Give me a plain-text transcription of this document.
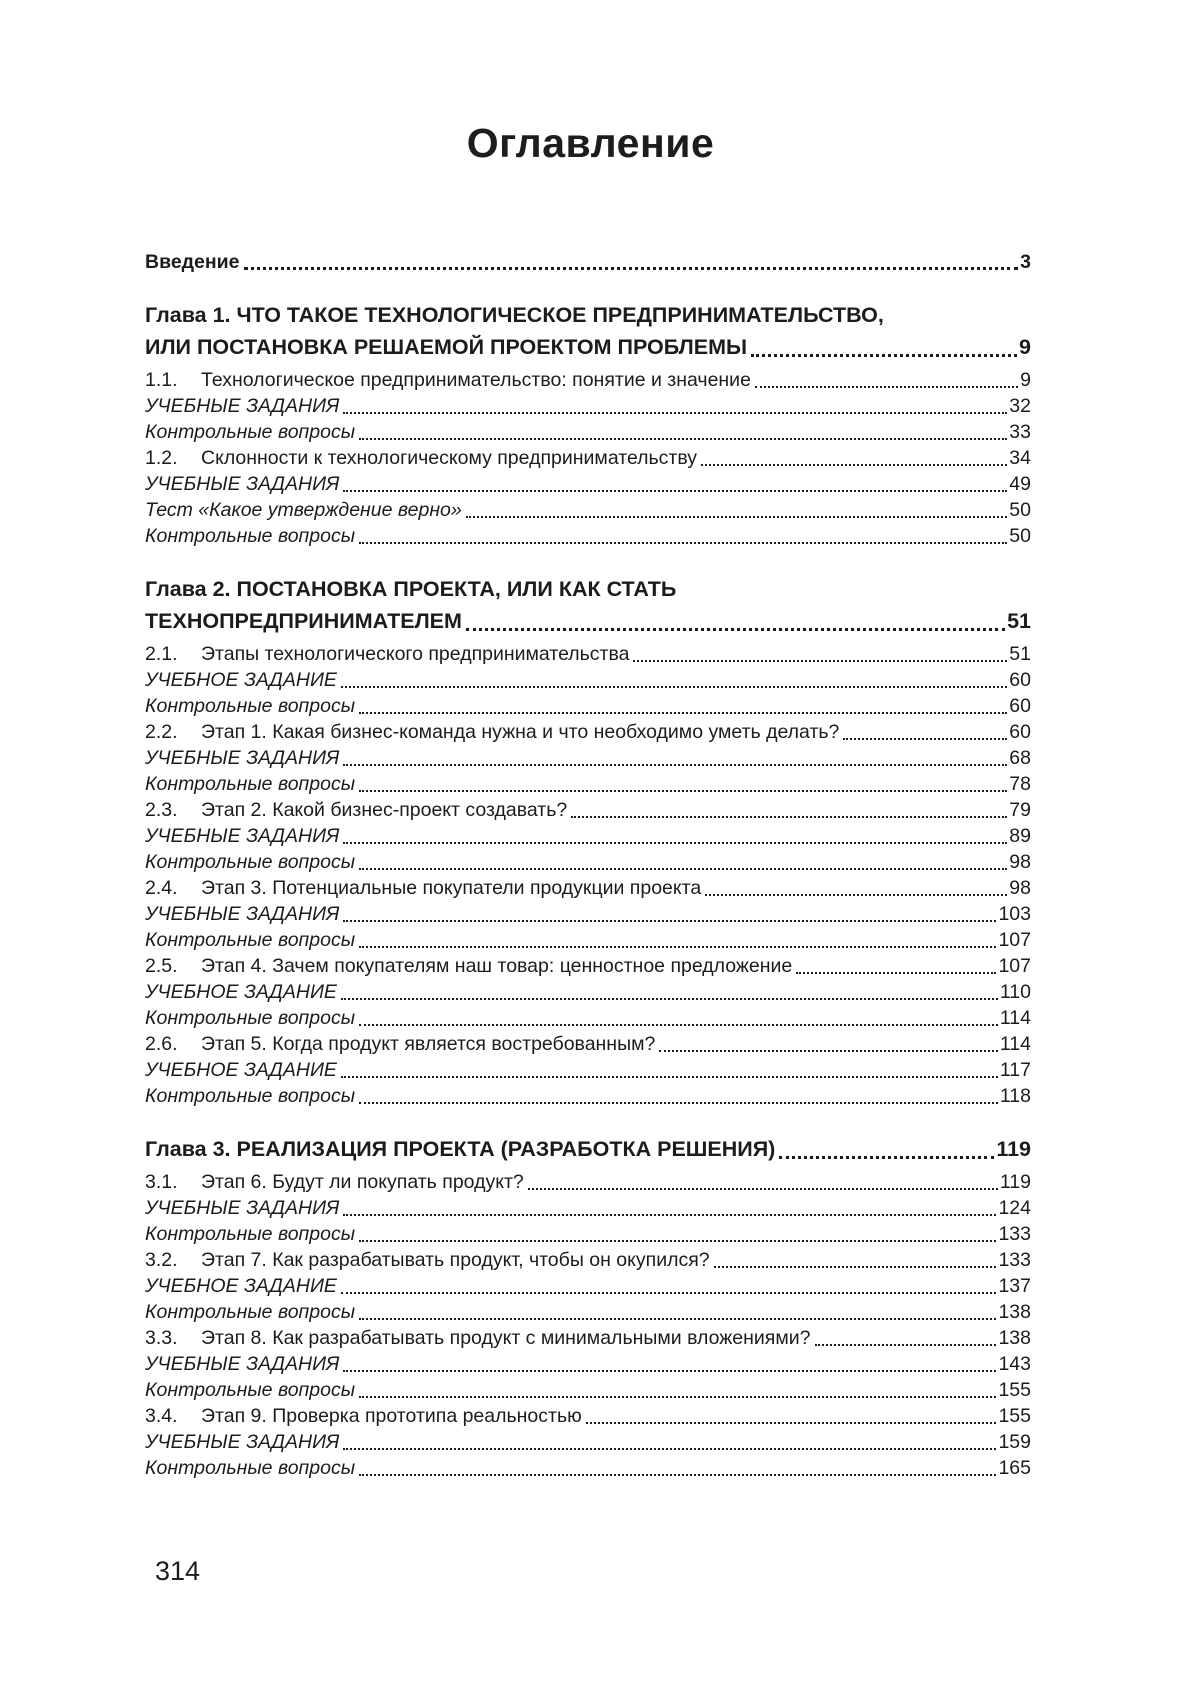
Оглавление
Введение	3
Глава 1. ЧТО ТАКОЕ ТЕХНОЛОГИЧЕСКОЕ ПРЕДПРИНИМАТЕЛЬСТВО,
ИЛИ ПОСТАНОВКА РЕШАЕМОЙ ПРОЕКТОМ ПРОБЛЕМЫ	9
1.1.	Технологическое предпринимательство: понятие и значение	9
УЧЕБНЫЕ ЗАДАНИЯ	32
Контрольные вопросы	33
1.2.	Склонности к технологическому предпринимательству	34
УЧЕБНЫЕ ЗАДАНИЯ	49
Тест «Какое утверждение верно»	50
Контрольные вопросы	50
Глава 2. ПОСТАНОВКА ПРОЕКТА, ИЛИ КАК СТАТЬ
ТЕХНОПРЕДПРИНИМАТЕЛЕМ	51
2.1.	Этапы технологического предпринимательства	51
УЧЕБНОЕ ЗАДАНИЕ	60
Контрольные вопросы	60
2.2.	Этап 1. Какая бизнес-команда нужна и что необходимо уметь делать?	60
УЧЕБНЫЕ ЗАДАНИЯ	68
Контрольные вопросы	78
2.3.	Этап 2. Какой бизнес-проект создавать?	79
УЧЕБНЫЕ ЗАДАНИЯ	89
Контрольные вопросы	98
2.4.	Этап 3. Потенциальные покупатели продукции проекта	98
УЧЕБНЫЕ ЗАДАНИЯ	103
Контрольные вопросы	107
2.5.	Этап 4. Зачем покупателям наш товар: ценностное предложение	107
УЧЕБНОЕ ЗАДАНИЕ	110
Контрольные вопросы	114
2.6.	Этап 5. Когда продукт является востребованным?	114
УЧЕБНОЕ ЗАДАНИЕ	117
Контрольные вопросы	118
Глава 3. РЕАЛИЗАЦИЯ ПРОЕКТА (РАЗРАБОТКА РЕШЕНИЯ)	119
3.1.	Этап 6. Будут ли покупать продукт?	119
УЧЕБНЫЕ ЗАДАНИЯ	124
Контрольные вопросы	133
3.2.	Этап 7. Как разрабатывать продукт, чтобы он окупился?	133
УЧЕБНОЕ ЗАДАНИЕ	137
Контрольные вопросы	138
3.3.	Этап 8. Как разрабатывать продукт с минимальными вложениями?	138
УЧЕБНЫЕ ЗАДАНИЯ	143
Контрольные вопросы	155
3.4.	Этап 9. Проверка прототипа реальностью	155
УЧЕБНЫЕ ЗАДАНИЯ	159
Контрольные вопросы	165
314
